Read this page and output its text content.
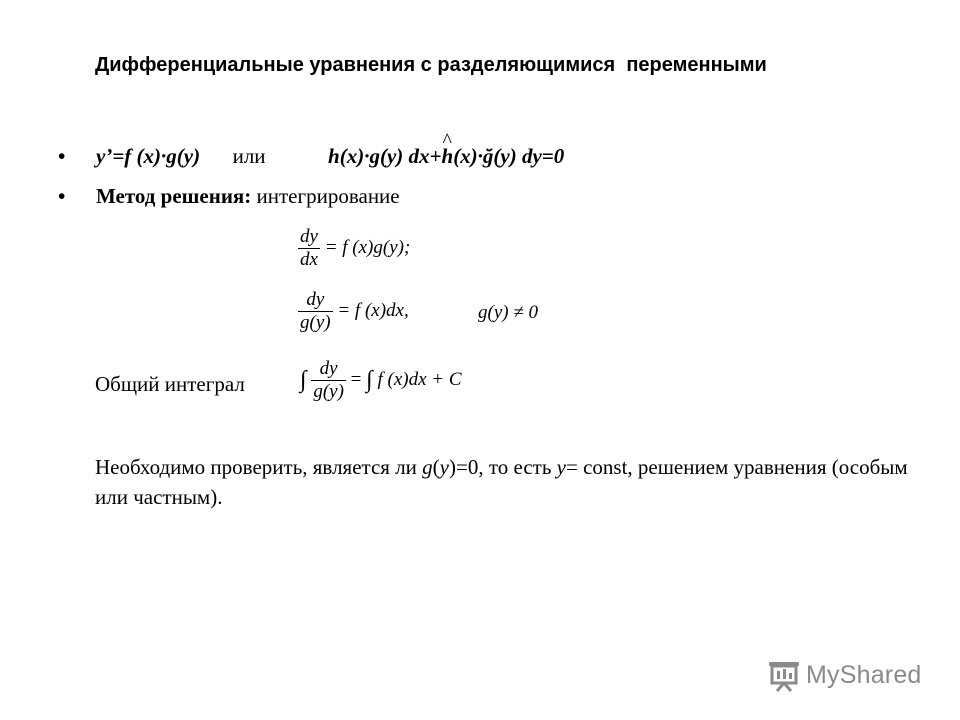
Дифференциальные уравнения с разделяющимися  переменными
• y’=f (x)·g(y) или	h(x)·g(y) dx+^ h(x)·ğ(y) dy=0
• Метод решения: интегрирование
$\frac{dy}{dx} = f$ (x)g(y);
$\frac{dy}{g(y)} = f$ (x)dx,	g(y) ≠ 0
Общий интеграл ∫ $\frac{dy}{g(y)}$ = ∫ f (x)dx + C
Необходимо проверить, является ли g(y)=0, то есть y= const, решением уравнения (особым или частным).
MyShared
